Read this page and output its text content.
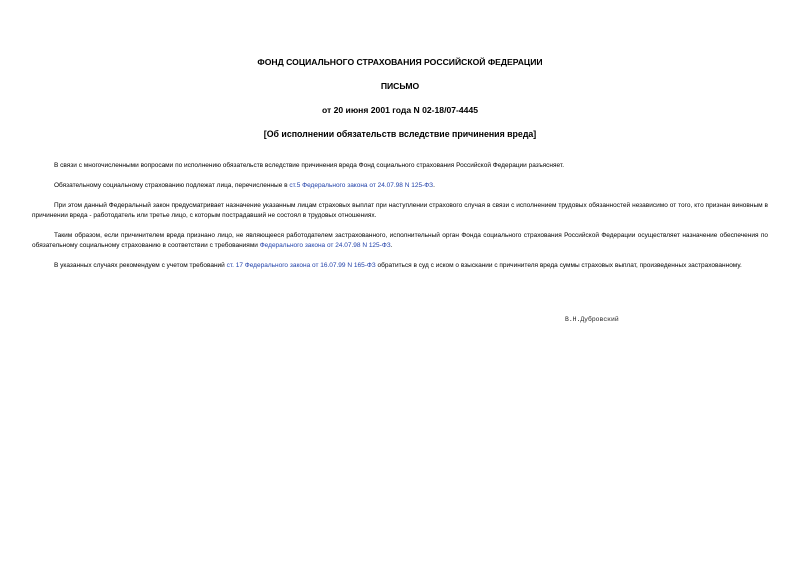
ФОНД СОЦИАЛЬНОГО СТРАХОВАНИЯ РОССИЙСКОЙ ФЕДЕРАЦИИ

ПИСЬМО

от 20 июня 2001 года N 02-18/07-4445

[Об исполнении обязательств вследствие причинения вреда]

В связи с многочисленными вопросами по исполнению обязательств вследствие причинения вреда Фонд социального страхования Российской Федерации разъясняет.

Обязательному социальному страхованию подлежат лица, перечисленные в ст.5 Федерального закона от 24.07.98 N 125-ФЗ.

При этом данный Федеральный закон предусматривает назначение указанным лицам страховых выплат при наступлении страхового случая в связи с исполнением трудовых обязанностей независимо от того, кто признан виновным в причинении вреда - работодатель или третье лицо, с которым пострадавший не состоял в трудовых отношениях.

Таким образом, если причинителем вреда признано лицо, не являющееся работодателем застрахованного, исполнительный орган Фонда социального страхования Российской Федерации осуществляет назначение обеспечения по обязательному социальному страхованию в соответствии с требованиями Федерального закона от 24.07.98 N 125-ФЗ.

В указанных случаях рекомендуем с учетом требований ст. 17 Федерального закона от 16.07.99 N 165-ФЗ обратиться в суд с иском о взыскании с причинителя вреда суммы страховых выплат, произведенных застрахованному.

В.Н.Дубровский
